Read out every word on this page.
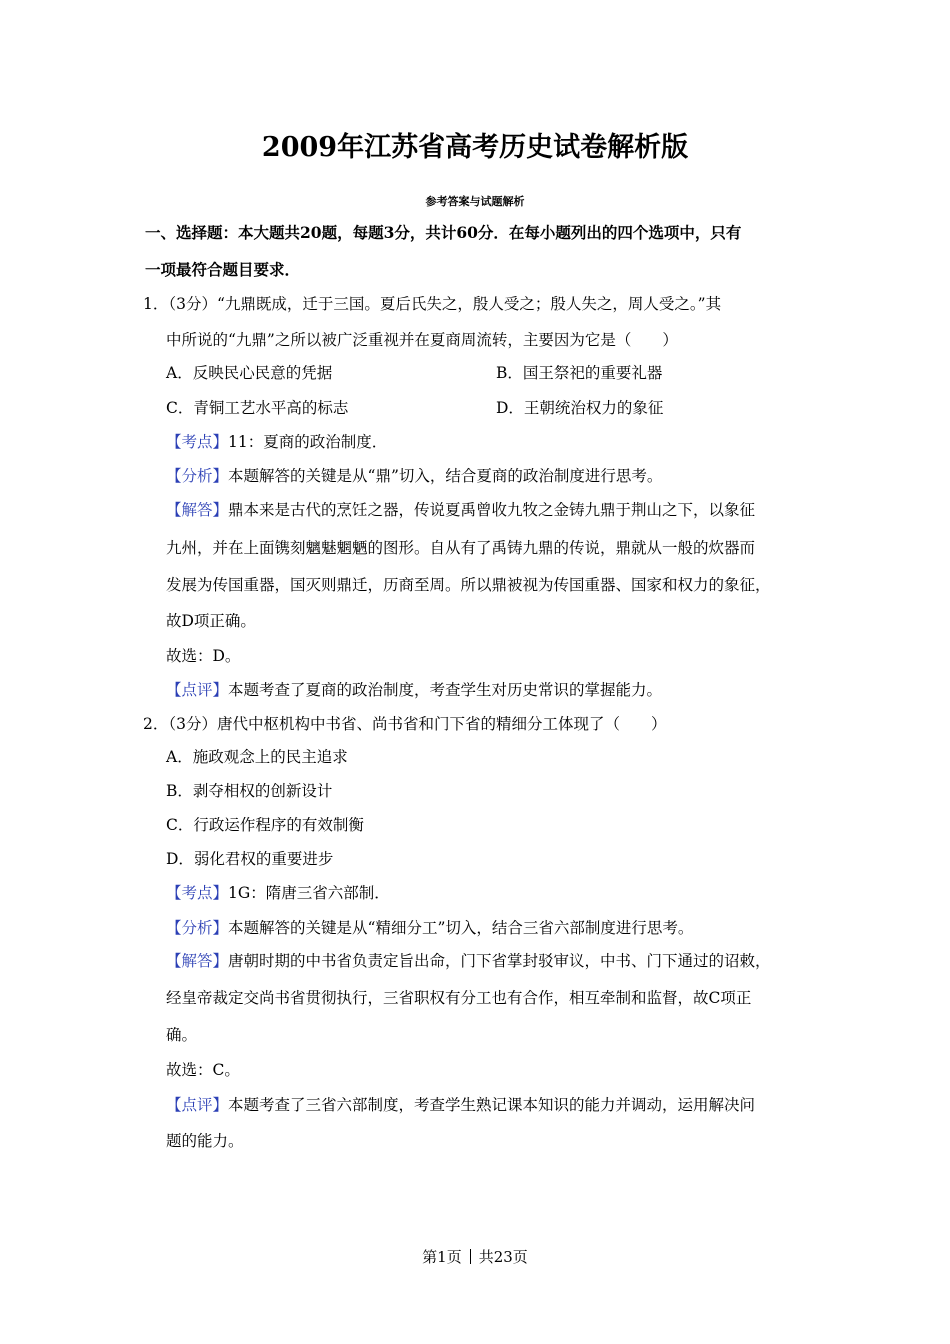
2009年江苏省高考历史试卷解析版
参考答案与试题解析
一、选择题：本大题共20题，每题3分，共计60分．在每小题列出的四个选项中，只有
一项最符合题目要求．
1．（3分）“九鼎既成，迁于三国。夏后氏失之，殷人受之；殷人失之，周人受之。”其
中所说的“九鼎”之所以被广泛重视并在夏商周流转，主要因为它是（　　）
A．反映民心民意的凭据	B．国王祭祀的重要礼器
C．青铜工艺水平高的标志	D．王朝统治权力的象征
【考点】11：夏商的政治制度．
【分析】本题解答的关键是从“鼎”切入，结合夏商的政治制度进行思考。
【解答】鼎本来是古代的烹饪之器，传说夏禹曾收九牧之金铸九鼎于荆山之下，以象征
九州，并在上面镌刻魑魅魍魉的图形。自从有了禹铸九鼎的传说，鼎就从一般的炊器而
发展为传国重器，国灭则鼎迁，历商至周。所以鼎被视为传国重器、国家和权力的象征，
故D项正确。
故选：D。
【点评】本题考查了夏商的政治制度，考查学生对历史常识的掌握能力。
2．（3分）唐代中枢机构中书省、尚书省和门下省的精细分工体现了（　　）
A．施政观念上的民主追求
B．剥夺相权的创新设计
C．行政运作程序的有效制衡
D．弱化君权的重要进步
【考点】1G：隋唐三省六部制．
【分析】本题解答的关键是从“精细分工”切入，结合三省六部制度进行思考。
【解答】唐朝时期的中书省负责定旨出命，门下省掌封驳审议，中书、门下通过的诏敕，
经皇帝裁定交尚书省贯彻执行，三省职权有分工也有合作，相互牵制和监督，故C项正
确。
故选：C。
【点评】本题考查了三省六部制度，考查学生熟记课本知识的能力并调动，运用解决问
题的能力。
第1页 共23页
